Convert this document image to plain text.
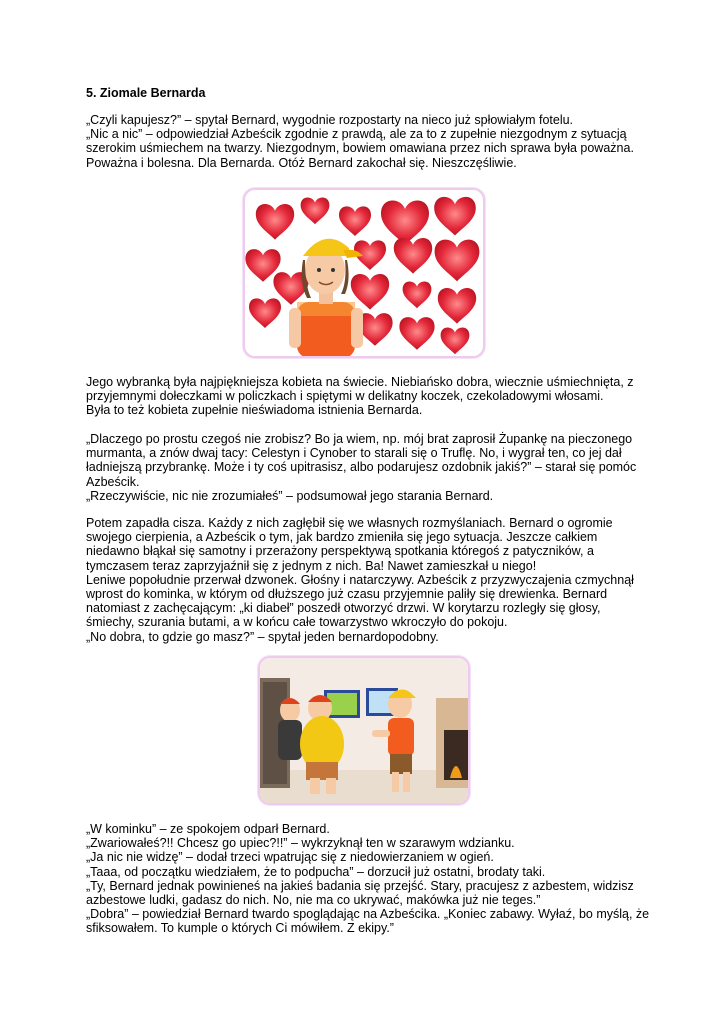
5. Ziomale Bernarda
„Czyli kapujesz?” – spytał Bernard, wygodnie rozpostarty na nieco już spłowiałym fotelu.
„Nic a nic” – odpowiedział Azbeścik zgodnie z prawdą, ale za to z zupełnie niezgodnym z sytuacją
szerokim uśmiechem na twarzy. Niezgodnym, bowiem omawiana przez nich sprawa była poważna.
Poważna i bolesna. Dla Bernarda. Otóż Bernard zakochał się. Nieszczęśliwie.
Jego wybranką była najpiękniejsza kobieta na świecie. Niebiańsko dobra, wiecznie uśmiechnięta, z
przyjemnymi dołeczkami w policzkach i spiętymi w delikatny koczek, czekoladowymi włosami.
Była to też kobieta zupełnie nieświadoma istnienia Bernarda.
„Dlaczego po prostu czegoś nie zrobisz? Bo ja wiem, np. mój brat zaprosił Żupankę na pieczonego
murmanta, a znów dwaj tacy: Celestyn i Cynober to starali się o Truflę. No, i wygrał ten, co jej dał
ładniejszą przybrankę. Może i ty coś upitrasisz, albo podarujesz ozdobnik jakiś?” – starał się pomóc
Azbeścik.
„Rzeczywiście, nic nie zrozumiałeś” – podsumował jego starania Bernard.
Potem zapadła cisza. Każdy z nich zagłębił się we własnych rozmyślaniach. Bernard o ogromie
swojego cierpienia, a Azbeścik o tym, jak bardzo zmieniła się jego sytuacja. Jeszcze całkiem
niedawno błąkał się samotny i przerażony perspektywą spotkania któregoś z patyczników, a
tymczasem teraz zaprzyjaźnił się z jednym z nich. Ba! Nawet zamieszkał u niego!
Leniwe popołudnie przerwał dzwonek. Głośny i natarczywy. Azbeścik z przyzwyczajenia czmychnął
wprost do kominka, w którym od dłuższego już czasu przyjemnie paliły się drewienka. Bernard
natomiast z zachęcającym: „ki diabeł” poszedł otworzyć drzwi. W korytarzu rozległy się głosy,
śmiechy, szurania butami, a w końcu całe towarzystwo wkroczyło do pokoju.
„No dobra, to gdzie go masz?” – spytał jeden bernardopodobny.
„W kominku” – ze spokojem odparł Bernard.
„Zwariowałeś?!! Chcesz go upiec?!!” – wykrzyknął ten w szarawym wdzianku.
„Ja nic nie widzę” – dodał trzeci wpatrując się z niedowierzaniem w ogień.
„Taaa, od początku wiedziałem, że to podpucha” – dorzucił już ostatni, brodaty taki.
„Ty, Bernard jednak powinieneś na jakieś badania się przejść. Stary, pracujesz z azbestem, widzisz
azbestowe ludki, gadasz do nich. No, nie ma co ukrywać, makówka już nie teges.”
„Dobra” – powiedział Bernard twardo spoglądając na Azbeścika. „Koniec zabawy. Wyłaź, bo myślą, że
sfiksowałem. To kumple o których Ci mówiłem. Z ekipy.”
